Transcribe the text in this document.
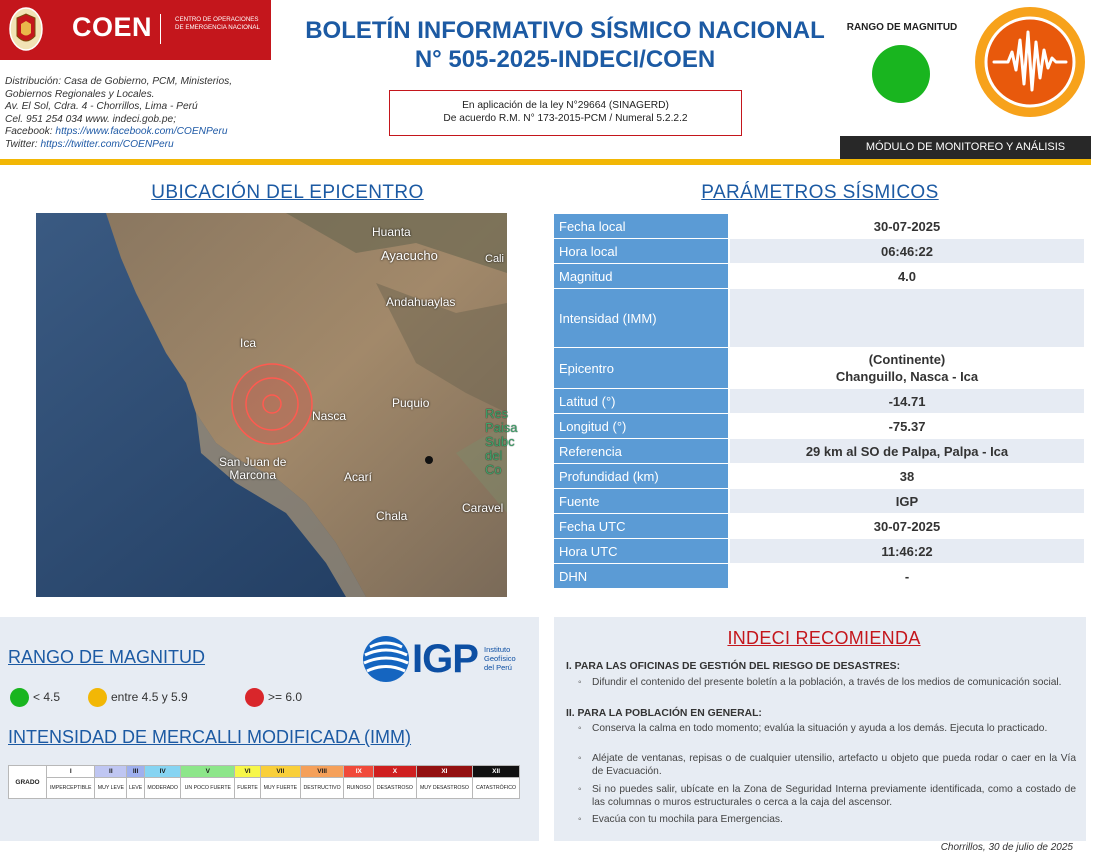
COEN	CENTRO DE OPERACIONES DE EMERGENCIA NACIONAL
Distribución: Casa de Gobierno, PCM, Ministerios,
Gobiernos Regionales y Locales.
Av. El Sol, Cdra. 4 - Chorrillos, Lima - Perú
Cel. 951 254 034 www. indeci.gob.pe;
Facebook: https://www.facebook.com/COENPeru
Twitter: https://twitter.com/COENPeru
BOLETÍN INFORMATIVO SÍSMICO NACIONAL
N° 505-2025-INDECI/COEN
En aplicación de la ley N°29664 (SINAGERD)
De acuerdo R.M. N° 173-2015-PCM / Numeral 5.2.2.2
RANGO DE MAGNITUD
MÓDULO DE MONITOREO Y ANÁLISIS
UBICACIÓN DEL EPICENTRO
Huanta
Ayacucho	Cali
Andahuaylas
Ica
Nasca
Puquio
San Juan de
Marcona	Acarí
Chala
Caravel
Res
Paisa
Subc
del Co
PARÁMETROS SÍSMICOS
Fecha local	30-07-2025
Hora local	06:46:22
Magnitud	4.0
Intensidad (IMM)	
Epicentro	(Continente)
Changuillo, Nasca - Ica

Latitud (°)	-14.71
Longitud (°)	-75.37
Referencia	29 km al SO de Palpa, Palpa - Ica
Profundidad (km)	38
Fuente	IGP
Fecha UTC	30-07-2025
Hora UTC	11:46:22
DHN	-
RANGO DE MAGNITUD	IGP Instituto
Geofísico
del Perú
< 4.5	entre 4.5 y 5.9	>= 6.0
INTENSIDAD DE MERCALLI MODIFICADA (IMM)
GRADO	I	II	III	IV	V	VI	VII	VIII	IX	X	XI	XII
	IMPERCEPTIBLE	MUY LEVE	LEVE	MODERADO	UN POCO FUERTE	FUERTE	MUY FUERTE	DESTRUCTIVO	RUINOSO	DESASTROSO	MUY DESASTROSO	CATASTRÓFICO
INDECI RECOMIENDA
I. PARA LAS OFICINAS DE GESTIÓN DEL RIESGO DE DESASTRES:
◦ Difundir el contenido del presente boletín a la población, a través de los medios de comunicación social.
II. PARA LA POBLACIÓN EN GENERAL:
◦ Conserva la calma en todo momento; evalúa la situación y ayuda a los demás. Ejecuta lo practicado.
◦ Aléjate de ventanas, repisas o de cualquier utensilio, artefacto u objeto que pueda rodar o caer en la Vía de Evacuación.
◦ Si no puedes salir, ubícate en la Zona de Seguridad Interna previamente identificada, como a costado de las columnas o muros estructurales o cerca a la caja del ascensor.
◦ Evacúa con tu mochila para Emergencias.
Chorrillos, 30 de julio de 2025
